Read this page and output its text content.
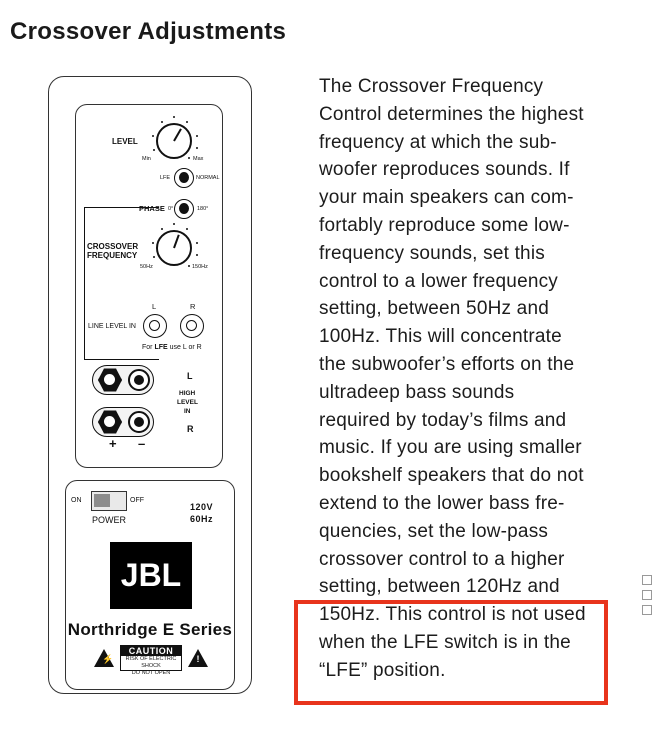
Crossover Adjustments
LEVEL
Min	Max
LFE	NORMAL
PHASE 0°	180°
CROSSOVER
FREQUENCY
50Hz	150Hz
L	R
LINE LEVEL IN
For LFE use L or R
L
HIGH
LEVEL
IN
R
+ –
ON	OFF
POWER
120V
60Hz
JBL
Northridge E Series
⚡
CAUTION
RISK OF ELECTRIC SHOCK
DO NOT OPEN
!

The Crossover Frequency
Control determines the highest
frequency at which the sub-
woofer reproduces sounds. If
your main speakers can com-
fortably reproduce some low-
frequency sounds, set this
control to a lower frequency
setting, between 50Hz and
100Hz. This will concentrate
the subwoofer’s efforts on the
ultradeep bass sounds
required by today’s films and
music. If you are using smaller
bookshelf speakers that do not
extend to the lower bass fre-
quencies, set the low-pass
crossover control to a higher
setting, between 120Hz and
150Hz. This control is not used
when the LFE switch is in the
“LFE” position.
